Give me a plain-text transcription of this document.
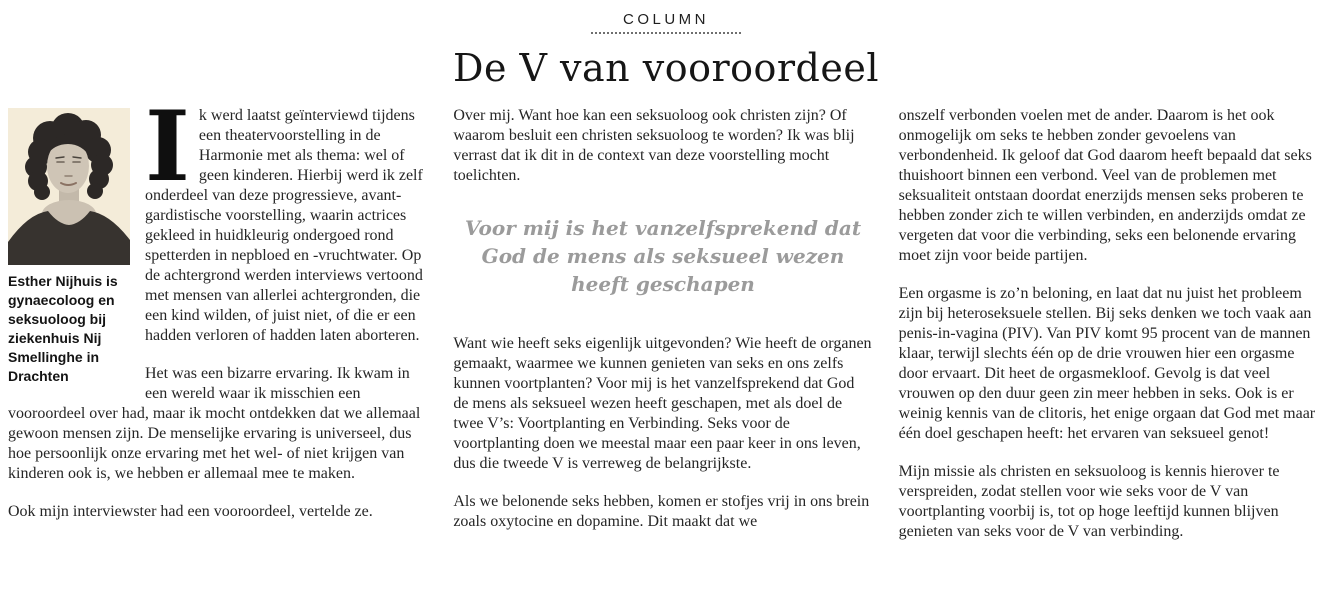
COLUMN
De V van vooroordeel
Esther Nijhuis is gynaecoloog en seksuoloog bij ziekenhuis Nij Smellinghe in Drachten

Ik werd laatst geïnterviewd tijdens een theatervoorstelling in de Harmonie met als thema: wel of geen kinderen. Hierbij werd ik zelf onderdeel van deze progressieve, avant-gardistische voorstelling, waarin actrices gekleed in huidkleurig ondergoed rond spetterden in nepbloed en -vruchtwater. Op de achtergrond werden interviews vertoond met mensen van allerlei achtergronden, die een kind wilden, of juist niet, of die er een hadden verloren of hadden laten aborteren.

Het was een bizarre ervaring. Ik kwam in een wereld waar ik misschien een vooroordeel over had, maar ik mocht ontdekken dat we allemaal gewoon mensen zijn. De menselijke ervaring is universeel, dus hoe persoonlijk onze ervaring met het wel- of niet krijgen van kinderen ook is, we hebben er allemaal mee te maken.

Ook mijn interviewster had een vooroordeel, vertelde ze.

Over mij. Want hoe kan een seksuoloog ook christen zijn? Of waarom besluit een christen seksuoloog te worden? Ik was blij verrast dat ik dit in de context van deze voorstelling mocht toelichten.

Voor mij is het vanzelfsprekend dat God de mens als seksueel wezen heeft geschapen

Want wie heeft seks eigenlijk uitgevonden? Wie heeft de organen gemaakt, waarmee we kunnen genieten van seks en ons zelfs kunnen voortplanten? Voor mij is het vanzelfsprekend dat God de mens als seksueel wezen heeft geschapen, met als doel de twee V’s: Voortplanting en Verbinding. Seks voor de voortplanting doen we meestal maar een paar keer in ons leven, dus die tweede V is verreweg de belangrijkste.

Als we belonende seks hebben, komen er stofjes vrij in ons brein zoals oxytocine en dopamine. Dit maakt dat we

onszelf verbonden voelen met de ander. Daarom is het ook onmogelijk om seks te hebben zonder gevoelens van verbondenheid. Ik geloof dat God daarom heeft bepaald dat seks thuishoort binnen een verbond. Veel van de problemen met seksualiteit ontstaan doordat enerzijds mensen seks proberen te hebben zonder zich te willen verbinden, en anderzijds omdat ze vergeten dat voor die verbinding, seks een belonende ervaring moet zijn voor beide partijen.

Een orgasme is zo’n beloning, en laat dat nu juist het probleem zijn bij heteroseksuele stellen. Bij seks denken we toch vaak aan penis-in-vagina (PIV). Van PIV komt 95 procent van de mannen klaar, terwijl slechts één op de drie vrouwen hier een orgasme door ervaart. Dit heet de orgasmekloof. Gevolg is dat veel vrouwen op den duur geen zin meer hebben in seks. Ook is er weinig kennis van de clitoris, het enige orgaan dat God met maar één doel geschapen heeft: het ervaren van seksueel genot!

Mijn missie als christen en seksuoloog is kennis hierover te verspreiden, zodat stellen voor wie seks voor de V van voortplanting voorbij is, tot op hoge leeftijd kunnen blijven genieten van seks voor de V van verbinding.
